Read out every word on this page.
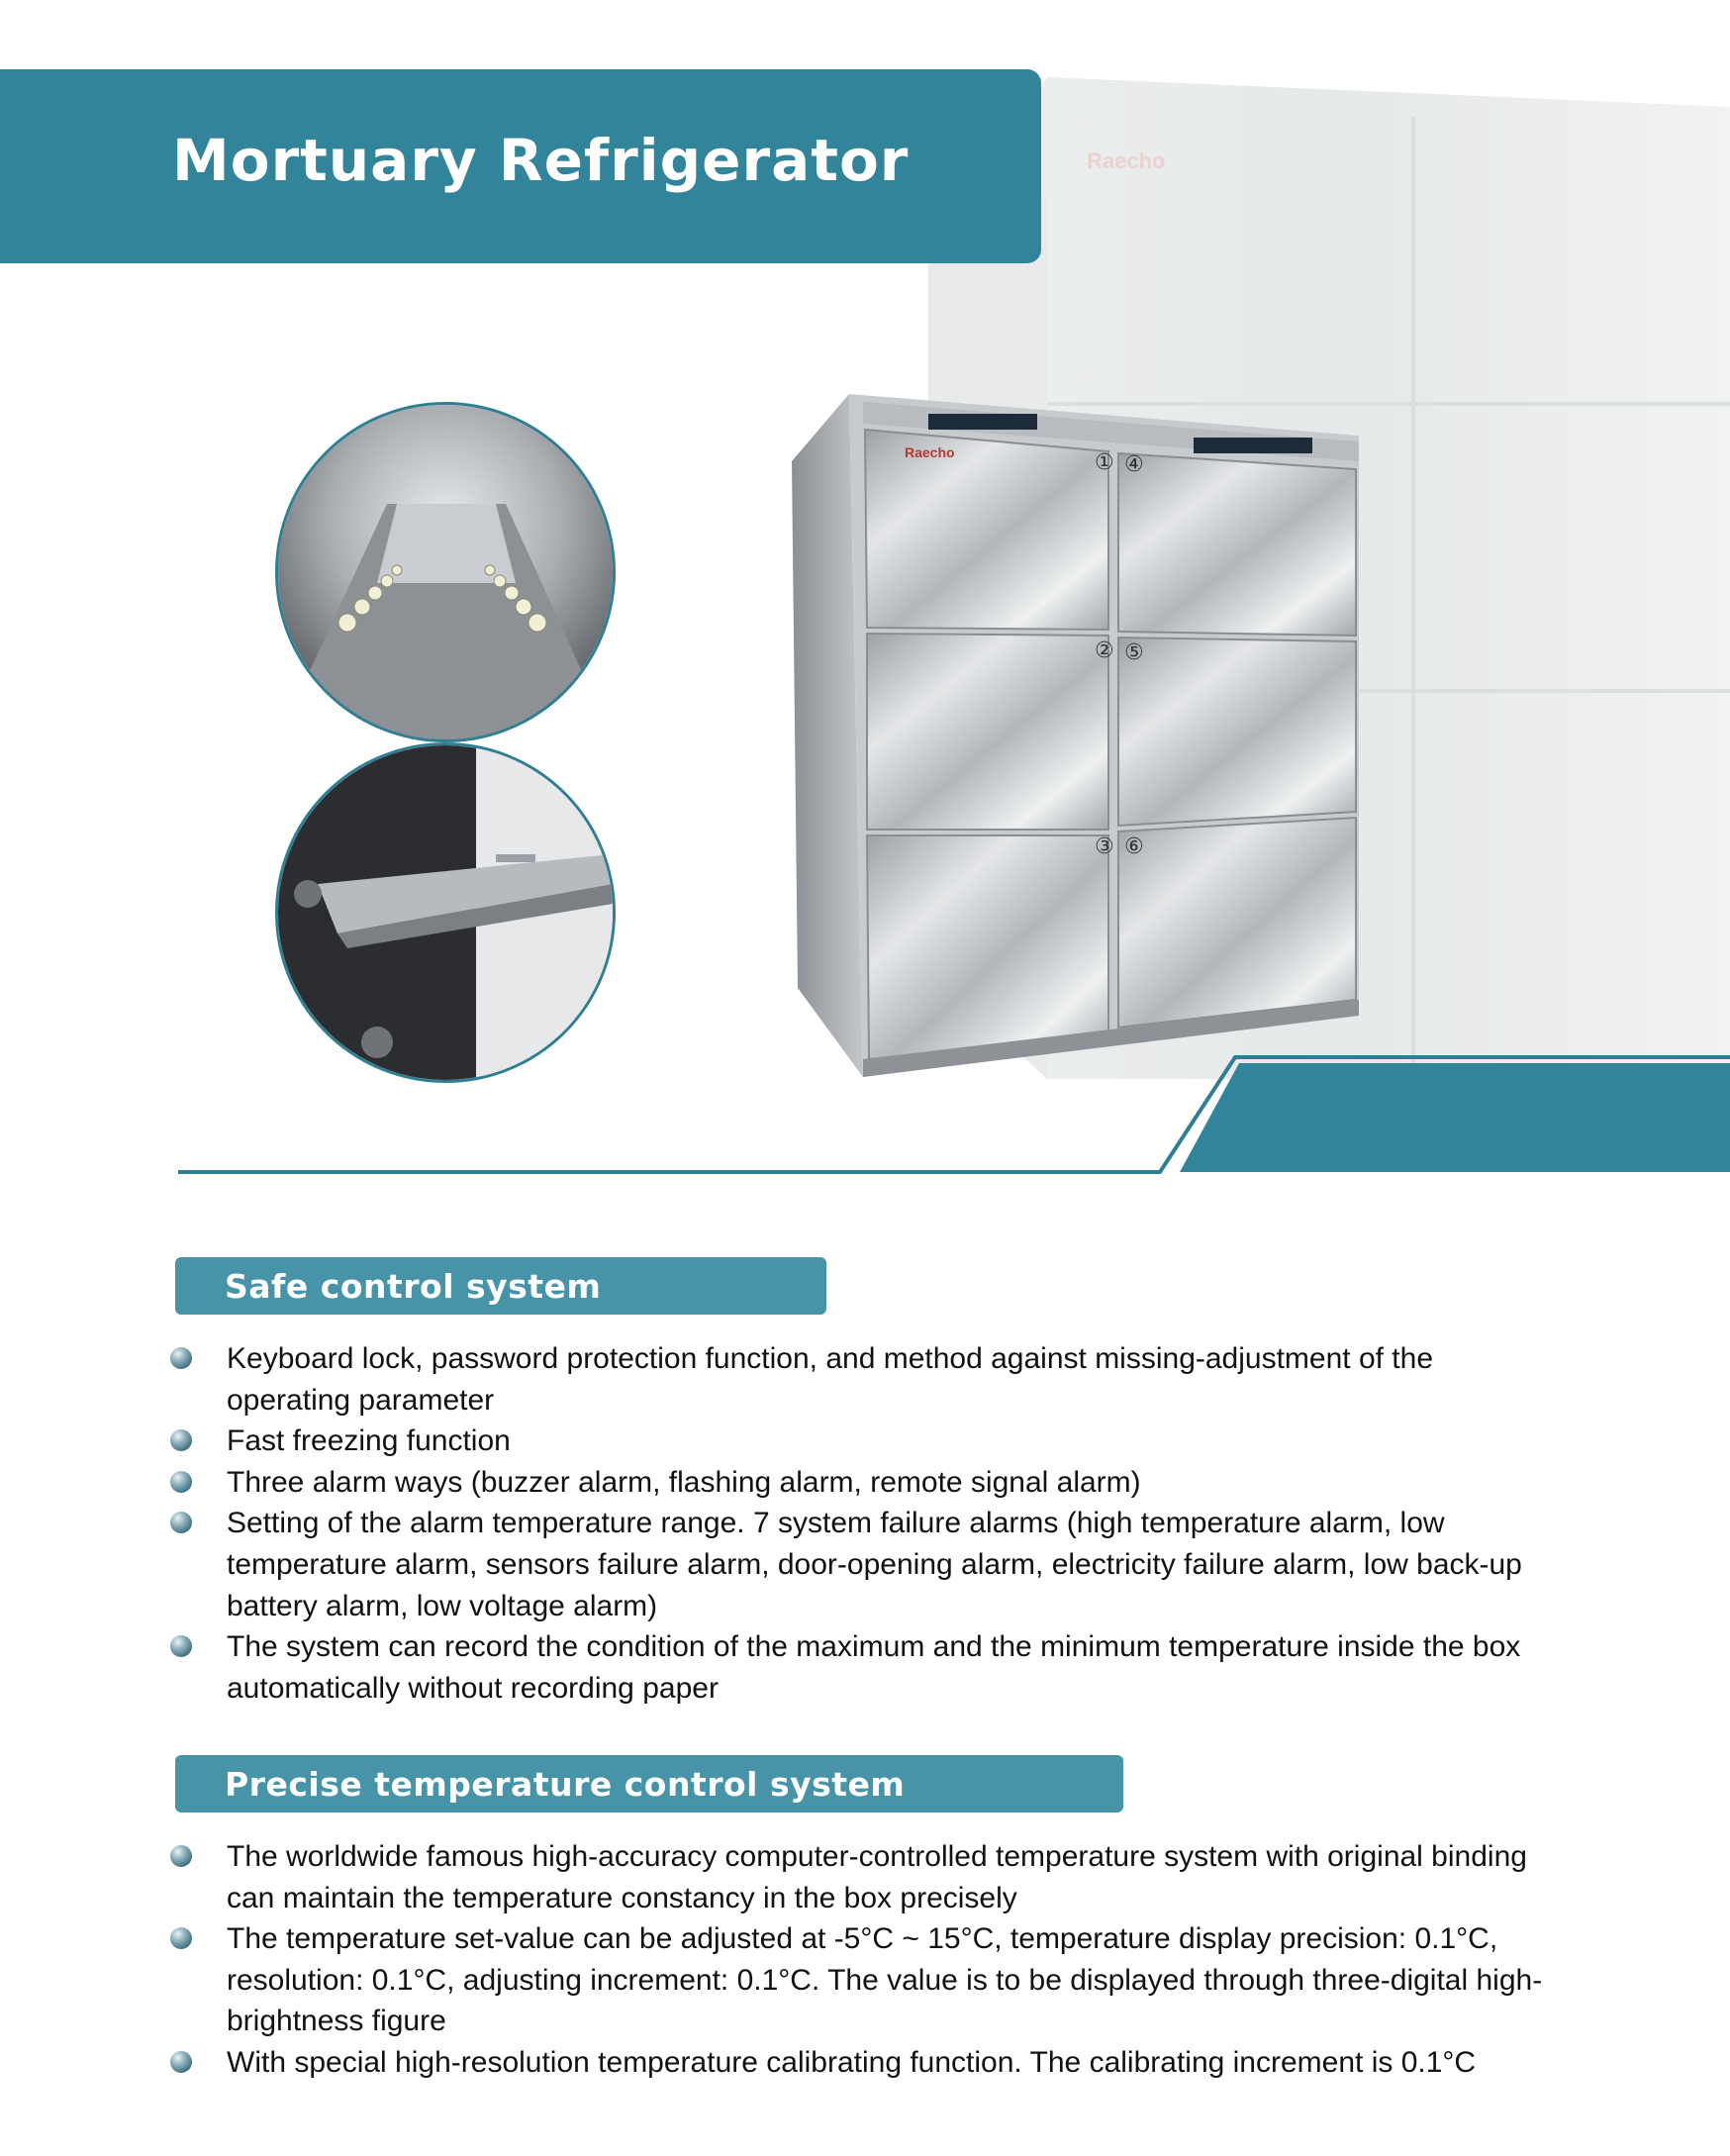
Raecho
Mortuary Refrigerator
Raecho	① ④
② ⑤
③ ⑥
Safe control system
Keyboard lock, password protection function, and method against missing-adjustment of the operating parameter
Fast freezing function
Three alarm ways (buzzer alarm, flashing alarm, remote signal alarm)
Setting of the alarm temperature range. 7 system failure alarms (high temperature alarm, low temperature alarm, sensors failure alarm, door-opening alarm, electricity failure alarm, low back-up battery alarm, low voltage alarm)
The system can record the condition of the maximum and the minimum temperature inside the box automatically without recording paper
Precise temperature control system
The worldwide famous high-accuracy computer-controlled temperature system with original binding can maintain the temperature constancy in the box precisely
The temperature set-value can be adjusted at -5°C ~ 15°C, temperature display precision: 0.1°C, resolution: 0.1°C, adjusting increment: 0.1°C. The value is to be displayed through three-digital high-brightness figure
With special high-resolution temperature calibrating function. The calibrating increment is 0.1°C
